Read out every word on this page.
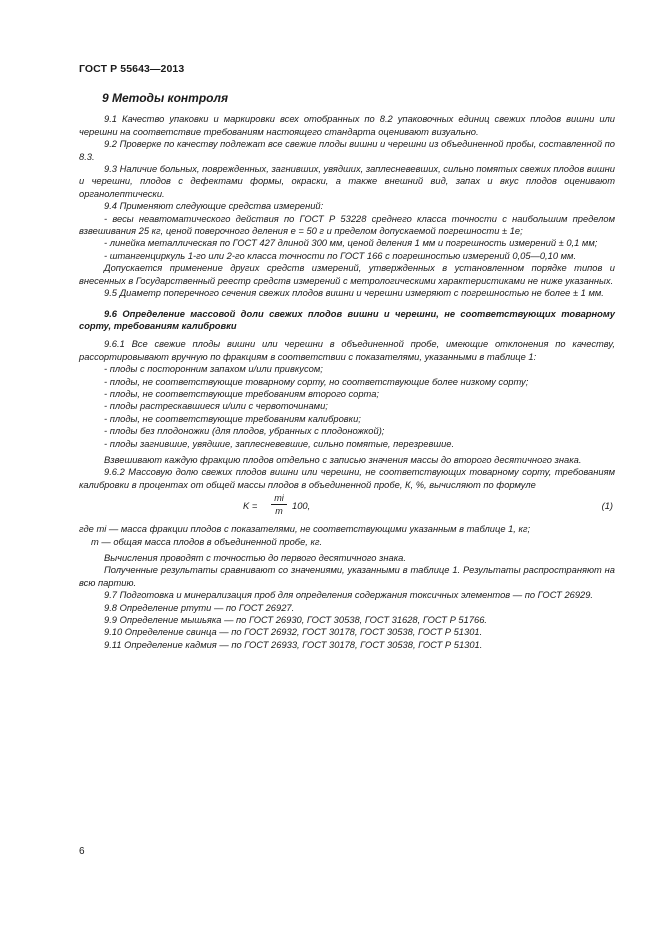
ГОСТ Р 55643—2013
9 Методы контроля

9.1 Качество упаковки и маркировки всех отобранных по 8.2 упаковочных единиц свежих плодов вишни или черешни на соответствие требованиям настоящего стандарта оценивают визуально.

9.2 Проверке по качеству подлежат все свежие плоды вишни и черешни из объединенной пробы, составленной по 8.3.

9.3 Наличие больных, поврежденных, загнивших, увядших, заплесневевших, сильно помятых свежих плодов вишни и черешни, плодов с дефектами формы, окраски, а также внешний вид, запах и вкус плодов оценивают органолептически.

9.4 Применяют следующие средства измерений:

- весы неавтоматического действия по ГОСТ Р 53228 среднего класса точности с наибольшим пределом взвешивания 25 кг, ценой поверочного деления е = 50 г и пределом допускаемой погрешности ± 1е;

- линейка металлическая по ГОСТ 427 длиной 300 мм, ценой деления 1 мм и погрешность измерений ± 0,1 мм;

- штангенциркуль 1-го или 2-го класса точности по ГОСТ 166 с погрешностью измерений 0,05—0,10 мм.

Допускается применение других средств измерений, утвержденных в установленном порядке типов и внесенных в Государственный реестр средств измерений с метрологическими характеристиками не ниже указанных.

9.5 Диаметр поперечного сечения свежих плодов вишни и черешни измеряют с погрешностью не более ± 1 мм.

9.6 Определение массовой доли свежих плодов вишни и черешни, не соответствующих товарному сорту, требованиям калибровки

9.6.1 Все свежие плоды вишни или черешни в объединенной пробе, имеющие отклонения по качеству, рассортировывают вручную по фракциям в соответствии с показателями, указанными в таблице 1:

- плоды с посторонним запахом и/или привкусом;

- плоды, не соответствующие товарному сорту, но соответствующие более низкому сорту;

- плоды, не соответствующие требованиям второго сорта;

- плоды растрескавшиеся и/или с червоточинами;

- плоды, не соответствующие требованиям калибровки;

- плоды без плодоножки (для плодов, убранных с плодоножкой);

- плоды загнившие, увядшие, заплесневевшие, сильно помятые, перезревшие.

Взвешивают каждую фракцию плодов отдельно с записью значения массы до второго десятичного знака.

9.6.2 Массовую долю свежих плодов вишни или черешни, не соответствующих товарному сорту, требованиям калибровки в процентах от общей массы плодов в объединенной пробе, К, %, вычисляют по формуле

K =
mi
m 100,	(1)

где mi — масса фракции плодов с показателями, не соответствующими указанным в таблице 1, кг;

m — общая масса плодов в объединенной пробе, кг.

Вычисления проводят с точностью до первого десятичного знака.

Полученные результаты сравнивают со значениями, указанными в таблице 1. Результаты распространяют на всю партию.

9.7 Подготовка и минерализация проб для определения содержания токсичных элементов — по ГОСТ 26929.

9.8 Определение ртути — по ГОСТ 26927.

9.9 Определение мышьяка — по ГОСТ 26930, ГОСТ 30538, ГОСТ 31628, ГОСТ Р 51766.

9.10 Определение свинца — по ГОСТ 26932, ГОСТ 30178, ГОСТ 30538, ГОСТ Р 51301.

9.11 Определение кадмия — по ГОСТ 26933, ГОСТ 30178, ГОСТ 30538, ГОСТ Р 51301.

6
